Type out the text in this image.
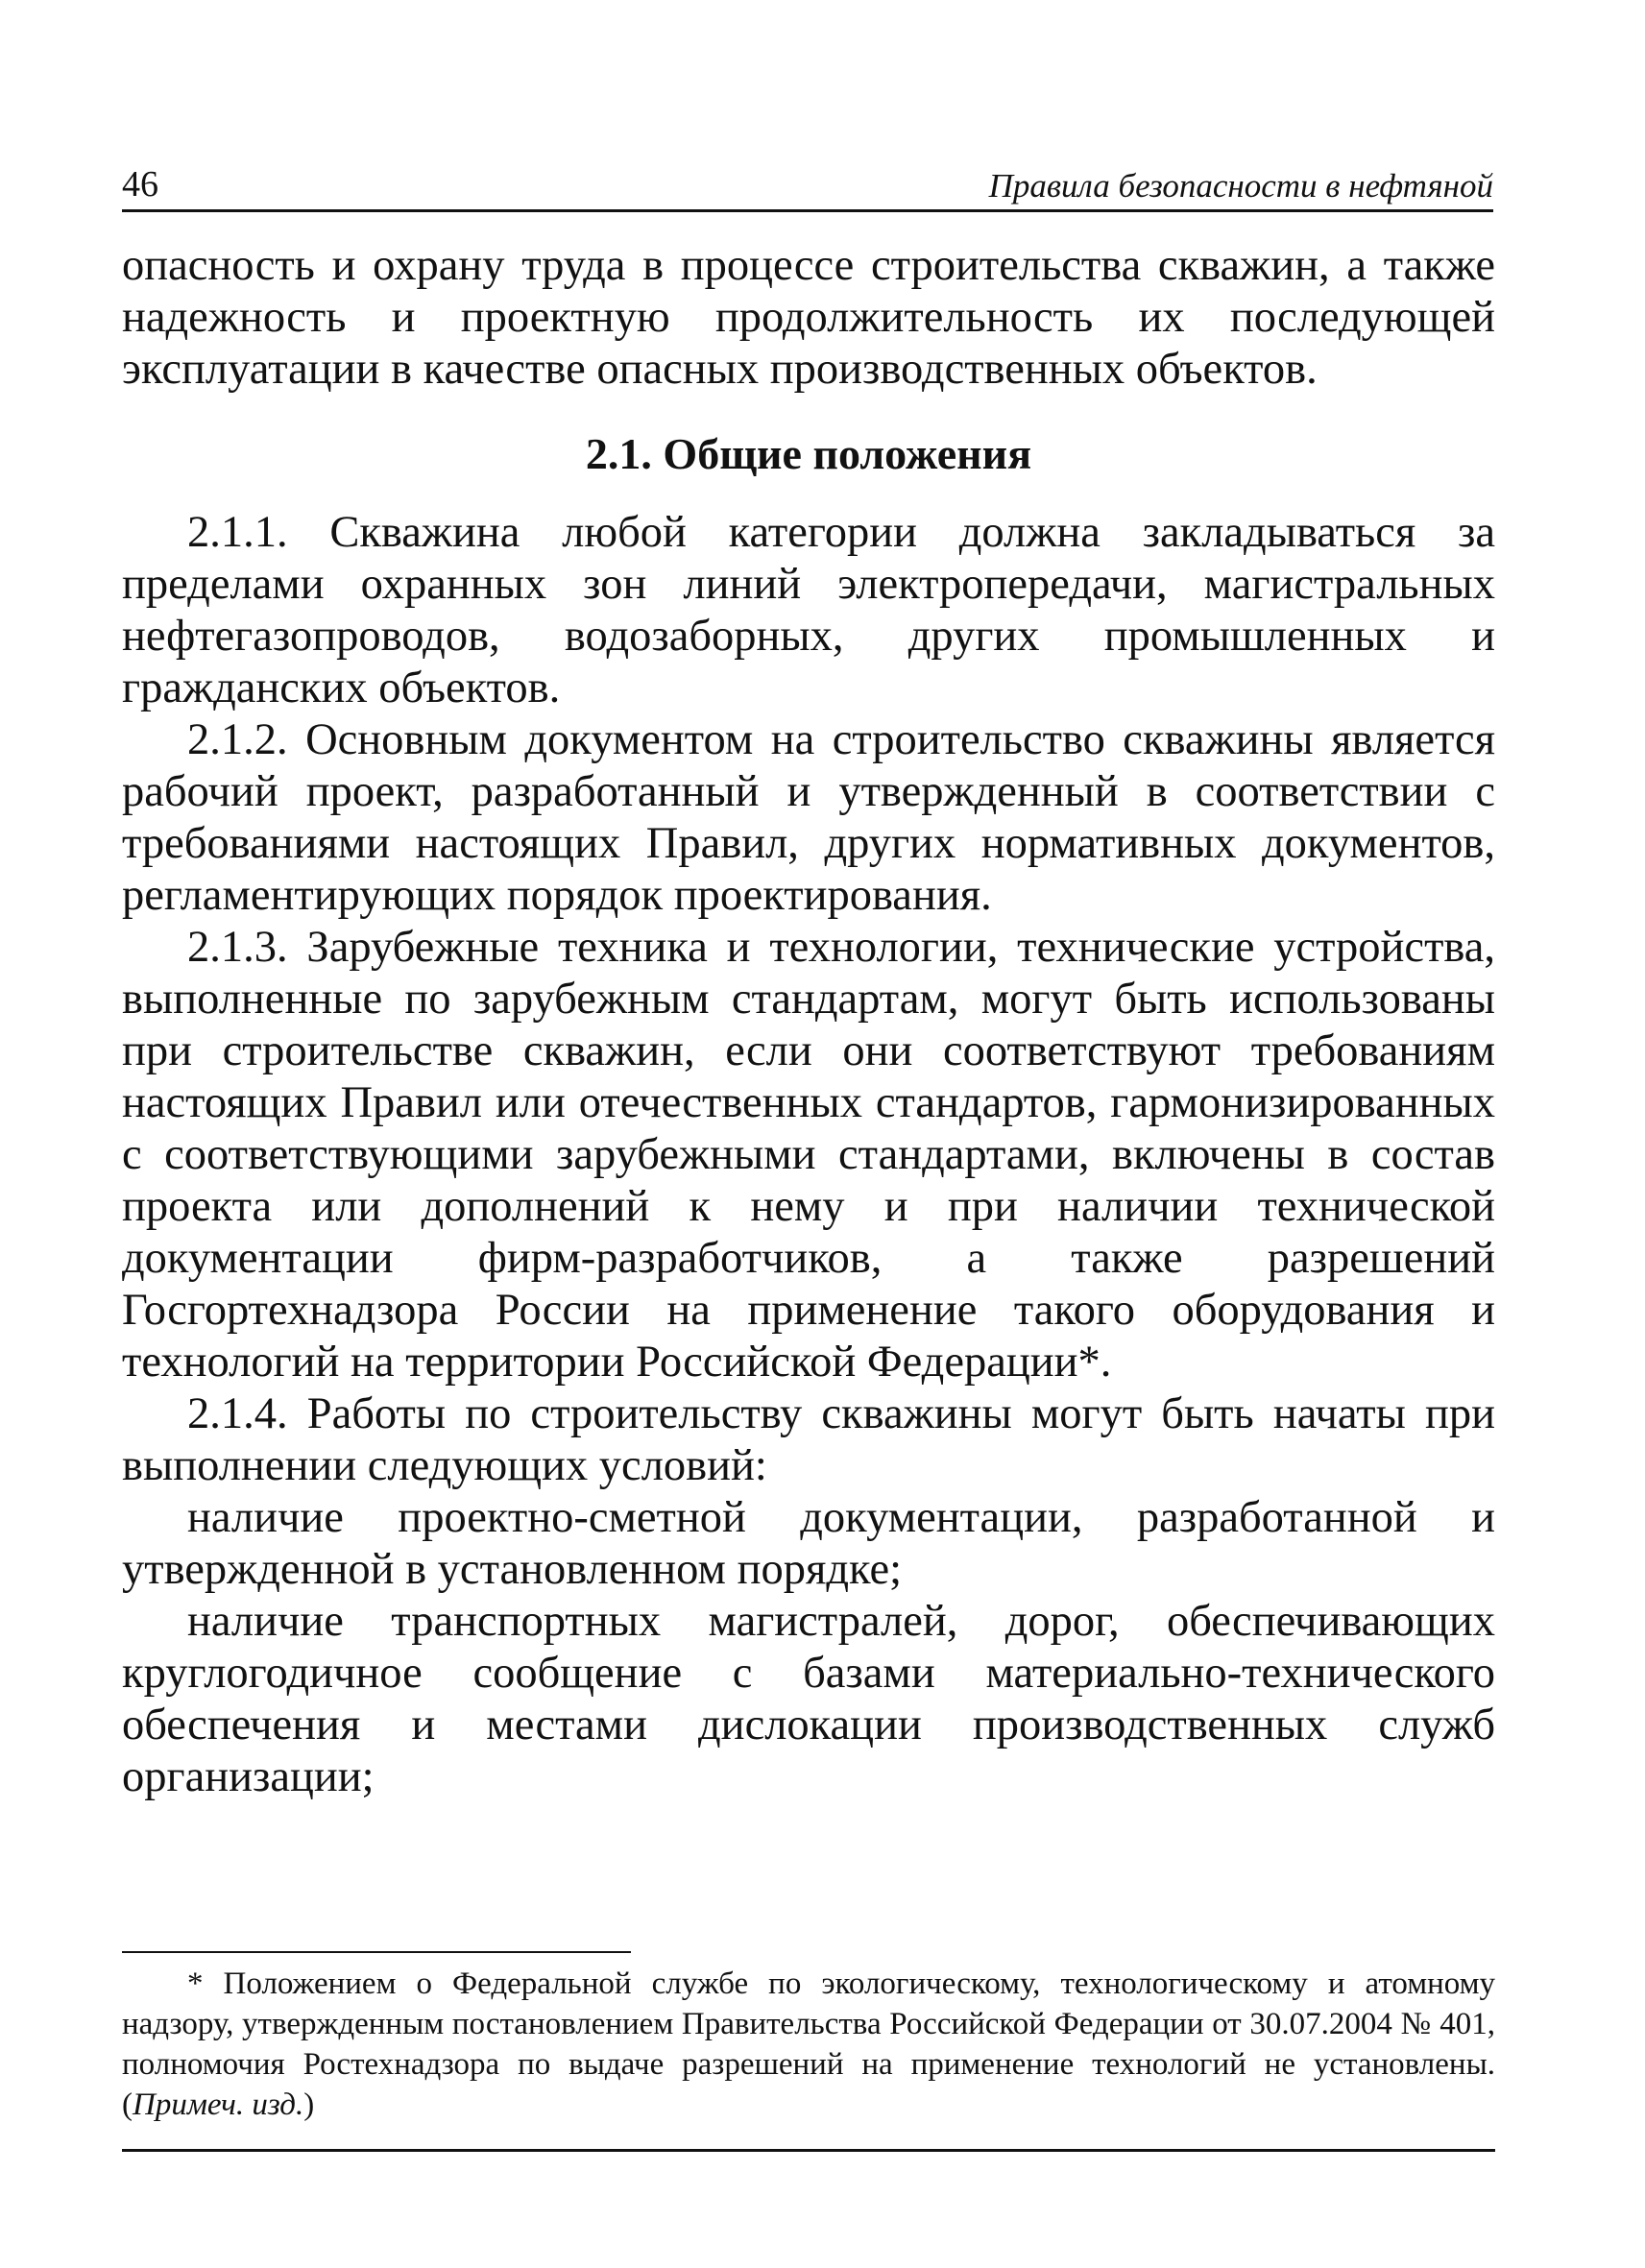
46	Правила безопасности в нефтяной

опасность и охрану труда в процессе строительства скважин, а также надежность и проектную продолжительность их последующей эксплуатации в качестве опасных производственных объектов.

2.1. Общие положения

2.1.1. Скважина любой категории должна закладываться за пределами охранных зон линий электропередачи, магистральных нефтегазопроводов, водозаборных, других промышленных и гражданских объектов.

2.1.2. Основным документом на строительство скважины является рабочий проект, разработанный и утвержденный в соответствии с требованиями настоящих Правил, других нормативных документов, регламентирующих порядок проектирования.

2.1.3. Зарубежные техника и технологии, технические устройства, выполненные по зарубежным стандартам, могут быть использованы при строительстве скважин, если они соответствуют требованиям настоящих Правил или отечественных стандартов, гармонизированных с соответствующими зарубежными стандартами, включены в состав проекта или дополнений к нему и при наличии технической документации фирм-разработчиков, а также разрешений Госгортехнадзора России на применение такого оборудования и технологий на территории Российской Федерации*.

2.1.4. Работы по строительству скважины могут быть начаты при выполнении следующих условий:

наличие проектно-сметной документации, разработанной и утвержденной в установленном порядке;

наличие транспортных магистралей, дорог, обеспечивающих круглогодичное сообщение с базами материально-технического обеспечения и местами дислокации производственных служб организации;

* Положением о Федеральной службе по экологическому, технологическому и атомному надзору, утвержденным постановлением Правительства Российской Федерации от 30.07.2004 № 401, полномочия Ростехнадзора по выдаче разрешений на применение технологий не установлены. (Примеч. изд.)
